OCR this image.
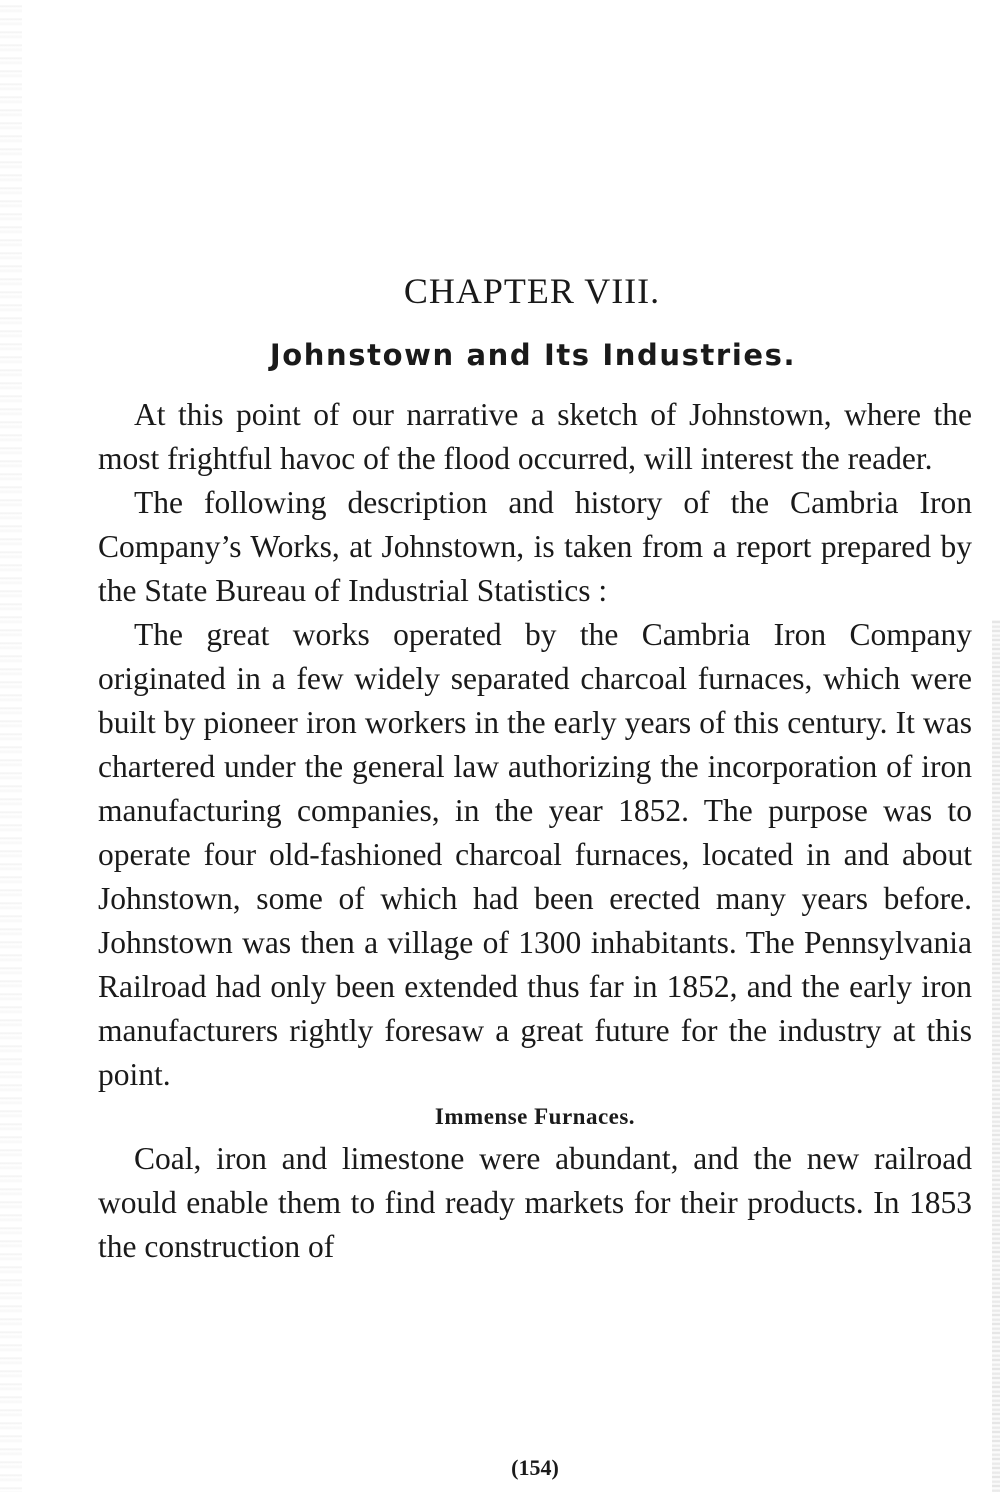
CHAPTER VIII.
Johnstown and Its Industries.

At this point of our narrative a sketch of Johnstown, where the most frightful havoc of the flood occurred, will interest the reader.

The following description and history of the Cambria Iron Company’s Works, at Johnstown, is taken from a report prepared by the State Bureau of Industrial Statistics :

The great works operated by the Cambria Iron Company originated in a few widely separated charcoal furnaces, which were built by pioneer iron workers in the early years of this century. It was chartered under the general law authorizing the incorporation of iron manufacturing companies, in the year 1852. The purpose was to operate four old-fashioned charcoal furnaces, located in and about Johnstown, some of which had been erected many years before. Johnstown was then a village of 1300 inhabitants. The Pennsylvania Railroad had only been extended thus far in 1852, and the early iron manufacturers rightly foresaw a great future for the industry at this point.

Immense Furnaces.

Coal, iron and limestone were abundant, and the new railroad would enable them to find ready markets for their products. In 1853 the construction of

(154)
